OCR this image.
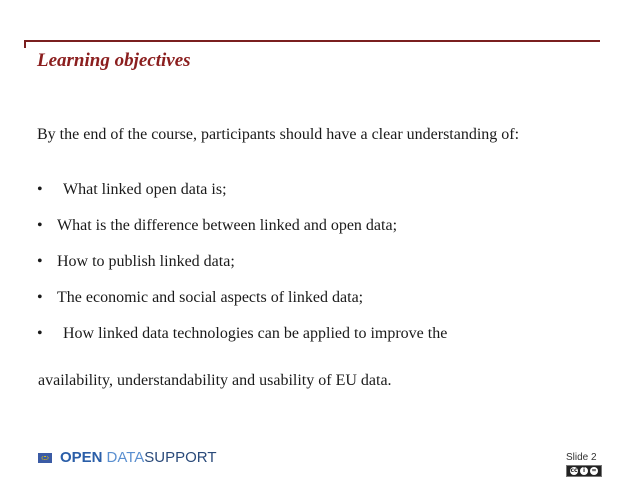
Learning objectives
By the end of the course, participants should have a clear understanding of:
• What linked open data is;
• What is the difference between linked and open data;
• How to publish linked data;
• The economic and social aspects of linked data;
• How linked data technologies can be applied to improve the
availability, understandability and usability of EU data.
OPEN DATA SUPPORT	Slide 2
cc i	=
